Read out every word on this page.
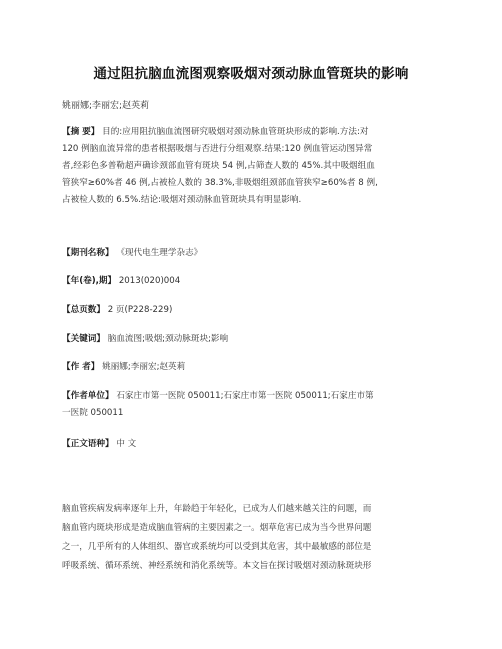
通过阻抗脑血流图观察吸烟对颈动脉血管斑块的影响
姚丽娜;李丽宏;赵英莉
【摘 要】 目的:应用阻抗脑血流图研究吸烟对颈动脉血管斑块形成的影响.方法:对
120 例脑血流异常的患者根据吸烟与否进行分组观察.结果:120 例血管运动图异常
者,经彩色多普勒超声确诊颈部血管有斑块 54 例,占筛查人数的 45%.其中吸烟组血
管狭窄≥60%者 46 例,占被检人数的 38.3%,非吸烟组颈部血管狭窄≥60%者 8 例,
占被检人数的 6.5%.结论:吸烟对颈动脉血管斑块具有明显影响.
【期刊名称】 《现代电生理学杂志》
【年(卷),期】 2013(020)004
【总页数】 2 页(P228-229)
【关键词】 脑血流图;吸烟;颈动脉斑块;影响
【作 者】 姚丽娜;李丽宏;赵英莉
【作者单位】 石家庄市第一医院 050011;石家庄市第一医院 050011;石家庄市第
一医院 050011
【正文语种】 中 文
脑血管疾病发病率逐年上升，年龄趋于年轻化，已成为人们越来越关注的问题，而
脑血管内斑块形成是造成脑血管病的主要因素之一。烟草危害已成为当今世界问题
之一，几乎所有的人体组织、器官或系统均可以受到其危害，其中最敏感的部位是
呼吸系统、循环系统、神经系统和消化系统等。本文旨在探讨吸烟对颈动脉斑块形
